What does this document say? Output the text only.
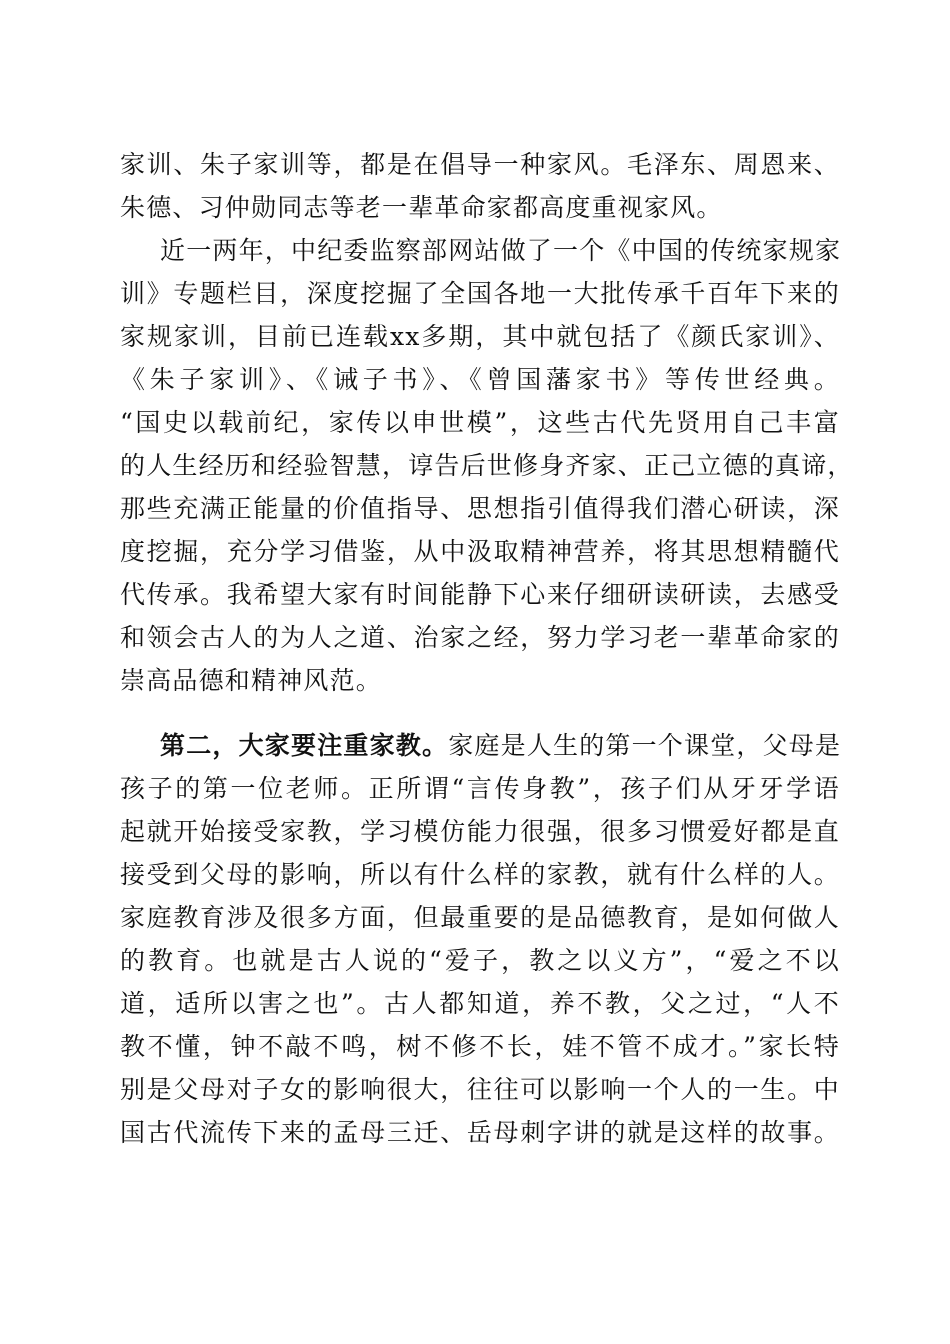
家训、朱子家训等，都是在倡导一种家风。毛泽东、周恩来、

朱德、习仲勋同志等老一辈革命家都高度重视家风。

近一两年，中纪委监察部网站做了一个《中国的传统家规家

训》专题栏目，深度挖掘了全国各地一大批传承千百年下来的

家规家训，目前已连载xx多期，其中就包括了《颜氏家训》、

《朱子家训》、《诫子书》、《曾国藩家书》等传世经典。

“国史以载前纪，家传以申世模”，这些古代先贤用自己丰富

的人生经历和经验智慧，谆告后世修身齐家、正己立德的真谛，

那些充满正能量的价值指导、思想指引值得我们潜心研读，深

度挖掘，充分学习借鉴，从中汲取精神营养，将其思想精髓代

代传承。我希望大家有时间能静下心来仔细研读研读，去感受

和领会古人的为人之道、治家之经，努力学习老一辈革命家的

崇高品德和精神风范。

第二，大家要注重家教。家庭是人生的第一个课堂，父母是

孩子的第一位老师。正所谓“言传身教”，孩子们从牙牙学语

起就开始接受家教，学习模仿能力很强，很多习惯爱好都是直

接受到父母的影响，所以有什么样的家教，就有什么样的人。

家庭教育涉及很多方面，但最重要的是品德教育，是如何做人

的教育。也就是古人说的“爱子，教之以义方”，“爱之不以

道，适所以害之也”。古人都知道，养不教，父之过，“人不

教不懂，钟不敲不鸣，树不修不长，娃不管不成才。”家长特

别是父母对子女的影响很大，往往可以影响一个人的一生。中

国古代流传下来的孟母三迁、岳母刺字讲的就是这样的故事。
